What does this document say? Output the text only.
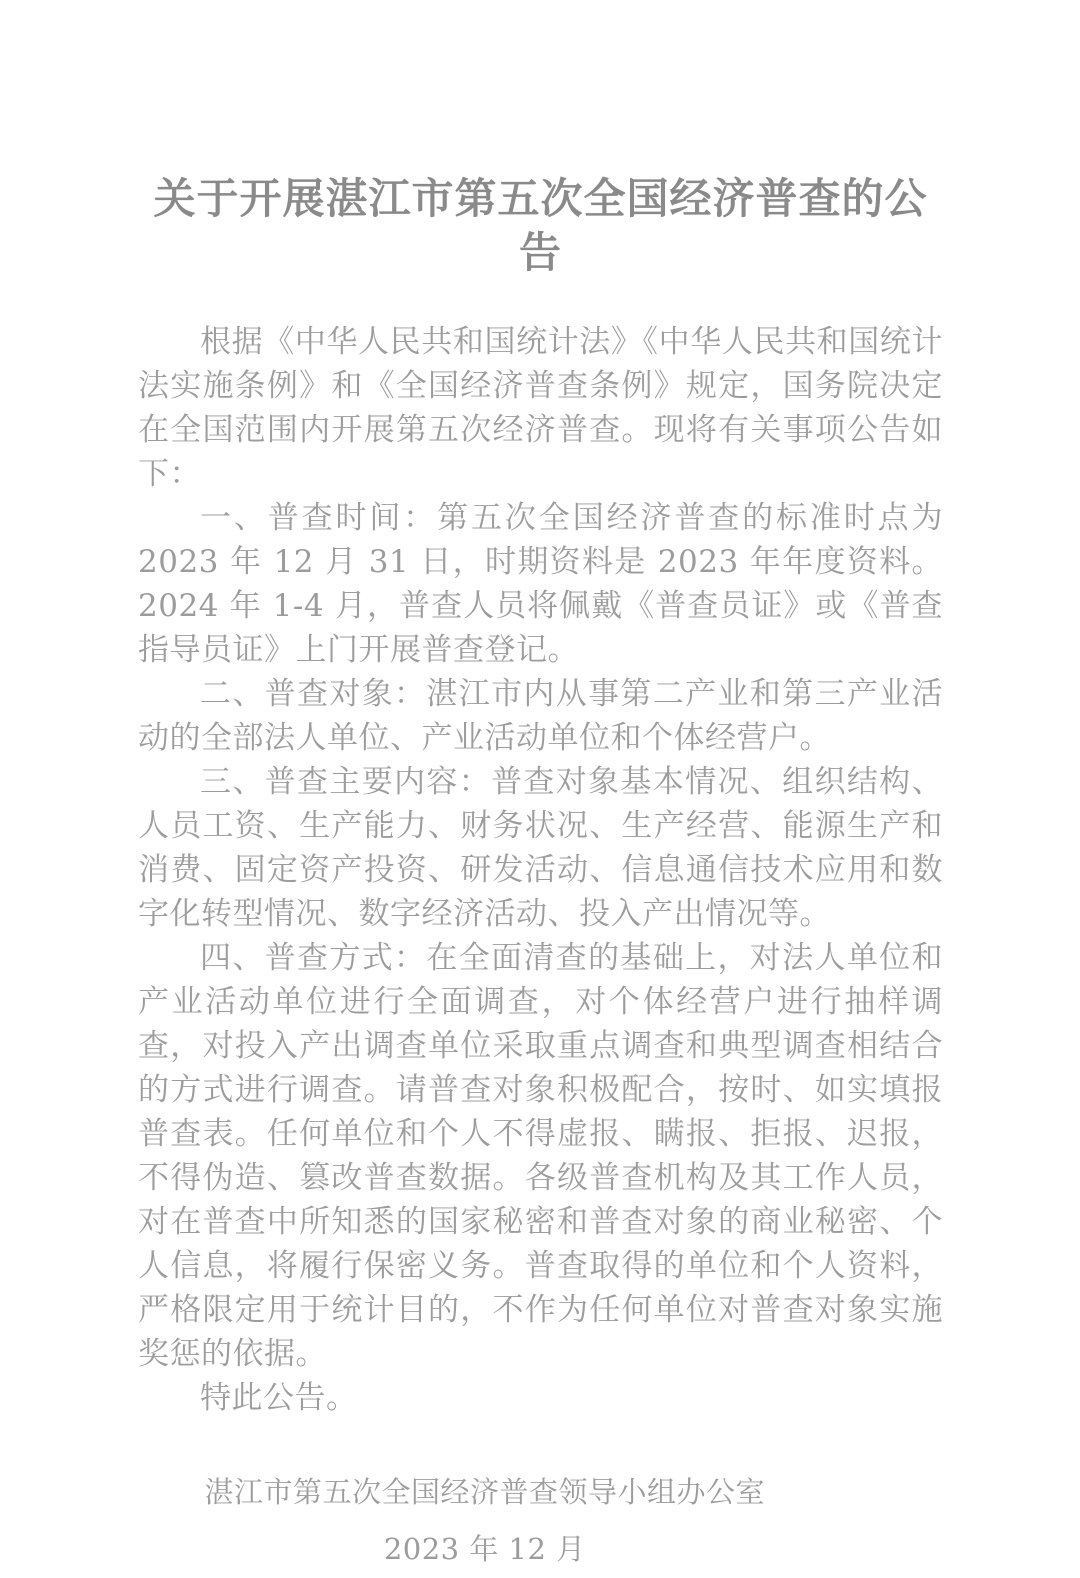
关于开展湛江市第五次全国经济普查的公告

根据《中华人民共和国统计法》《中华人民共和国统计法实施条例》和《全国经济普查条例》规定，国务院决定在全国范围内开展第五次经济普查。现将有关事项公告如下：

一、普查时间：第五次全国经济普查的标准时点为 2023 年 12 月 31 日，时期资料是 2023 年年度资料。2024 年 1-4 月，普查人员将佩戴《普查员证》或《普查指导员证》上门开展普查登记。

二、普查对象：湛江市内从事第二产业和第三产业活动的全部法人单位、产业活动单位和个体经营户。

三、普查主要内容：普查对象基本情况、组织结构、人员工资、生产能力、财务状况、生产经营、能源生产和消费、固定资产投资、研发活动、信息通信技术应用和数字化转型情况、数字经济活动、投入产出情况等。

四、普查方式：在全面清查的基础上，对法人单位和产业活动单位进行全面调查，对个体经营户进行抽样调查，对投入产出调查单位采取重点调查和典型调查相结合的方式进行调查。请普查对象积极配合，按时、如实填报普查表。任何单位和个人不得虚报、瞒报、拒报、迟报，不得伪造、篡改普查数据。各级普查机构及其工作人员，对在普查中所知悉的国家秘密和普查对象的商业秘密、个人信息，将履行保密义务。普查取得的单位和个人资料，严格限定用于统计目的，不作为任何单位对普查对象实施奖惩的依据。

特此公告。

湛江市第五次全国经济普查领导小组办公室
2023 年 12 月
